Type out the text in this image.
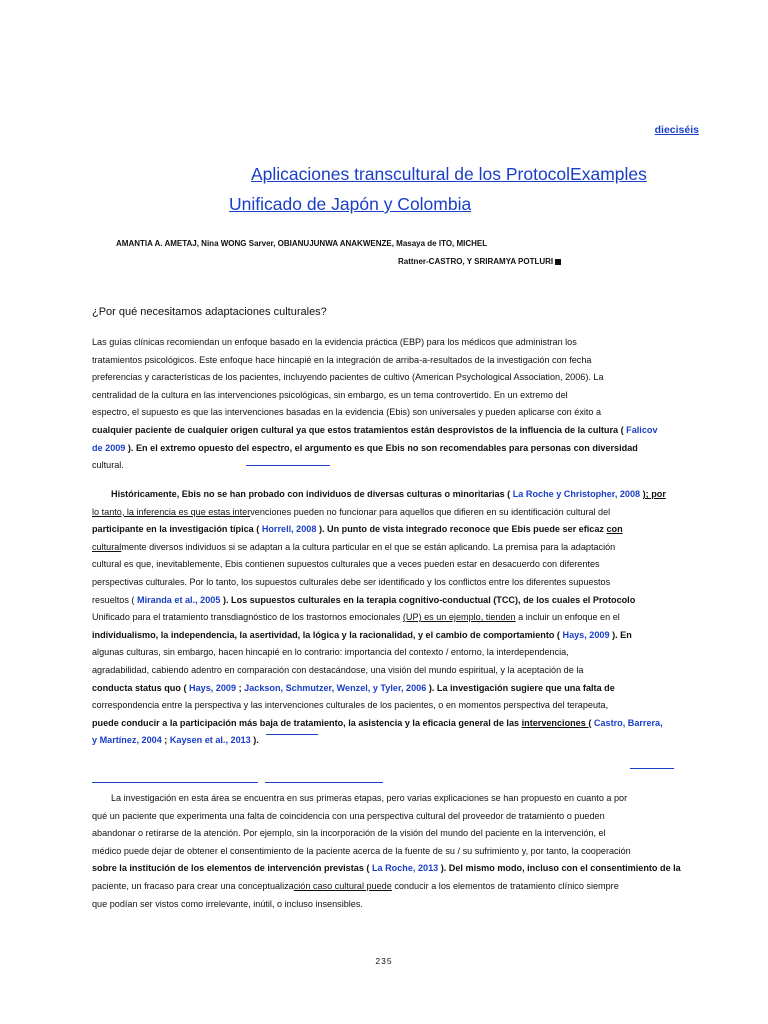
dieciséis
Aplicaciones transcultural de los ProtocolExamples
Unificado de Japón y Colombia
AMANTIA A. AMETAJ, Nina WONG Sarver, OBIANUJUNWA ANAKWENZE, Masaya de ITO, MICHEL
Rattner-CASTRO, Y SRIRAMYA POTLURI
¿Por qué necesitamos adaptaciones culturales?
Las guías clínicas recomiendan un enfoque basado en la evidencia práctica (EBP) para los médicos que administran los
tratamientos psicológicos. Este enfoque hace hincapié en la integración de arriba-a-resultados de la investigación con fecha
preferencias y características de los pacientes, incluyendo pacientes de cultivo (American Psychological Association, 2006). La
centralidad de la cultura en las intervenciones psicológicas, sin embargo, es un tema controvertido. En un extremo del
espectro, el supuesto es que las intervenciones basadas en la evidencia (Ebis) son universales y pueden aplicarse con éxito a
cualquier paciente de cualquier origen cultural ya que estos tratamientos están desprovistos de la influencia de la cultura ( Falicov
de 2009 ). En el extremo opuesto del espectro, el argumento es que Ebis no son recomendables para personas con diversidad
cultural.
Históricamente, Ebis no se han probado con individuos de diversas culturas o minoritarias ( La Roche y Christopher, 2008 ); por
lo tanto, la inferencia es que estas intervenciones pueden no funcionar para aquellos que difieren en su identificación cultural del
participante en la investigación típica ( Horrell, 2008 ). Un punto de vista integrado reconoce que Ebis puede ser eficaz con
culturalmente diversos individuos si se adaptan a la cultura particular en el que se están aplicando. La premisa para la adaptación
cultural es que, inevitablemente, Ebis contienen supuestos culturales que a veces pueden estar en desacuerdo con diferentes
perspectivas culturales. Por lo tanto, los supuestos culturales debe ser identificado y los conflictos entre los diferentes supuestos
resueltos ( Miranda et al., 2005 ). Los supuestos culturales en la terapia cognitivo-conductual (TCC), de los cuales el Protocolo
Unificado para el tratamiento transdiagnóstico de los trastornos emocionales (UP) es un ejemplo, tienden a incluir un enfoque en el
individualismo, la independencia, la asertividad, la lógica y la racionalidad, y el cambio de comportamiento ( Hays, 2009 ). En
algunas culturas, sin embargo, hacen hincapié en lo contrario: importancia del contexto / entorno, la interdependencia,
agradabilidad, cabiendo adentro en comparación con destacándose, una visión del mundo espiritual, y la aceptación de la
conducta status quo ( Hays, 2009 ; Jackson, Schmutzer, Wenzel, y Tyler, 2006 ). La investigación sugiere que una falta de
correspondencia entre la perspectiva y las intervenciones culturales de los pacientes, o en momentos perspectiva del terapeuta,
puede conducir a la participación más baja de tratamiento, la asistencia y la eficacia general de las intervenciones ( Castro, Barrera,
y Martínez, 2004 ; Kaysen et al., 2013 ).
La investigación en esta área se encuentra en sus primeras etapas, pero varias explicaciones se han propuesto en cuanto a por
qué un paciente que experimenta una falta de coincidencia con una perspectiva cultural del proveedor de tratamiento o pueden
abandonar o retirarse de la atención. Por ejemplo, sin la incorporación de la visión del mundo del paciente en la intervención, el
médico puede dejar de obtener el consentimiento de la paciente acerca de la fuente de su / su sufrimiento y, por tanto, la cooperación
sobre la institución de los elementos de intervención previstas ( La Roche, 2013 ). Del mismo modo, incluso con el consentimiento de la
paciente, un fracaso para crear una conceptualización caso cultural puede conducir a los elementos de tratamiento clínico siempre
que podían ser vistos como irrelevante, inútil, o incluso insensibles.
235
